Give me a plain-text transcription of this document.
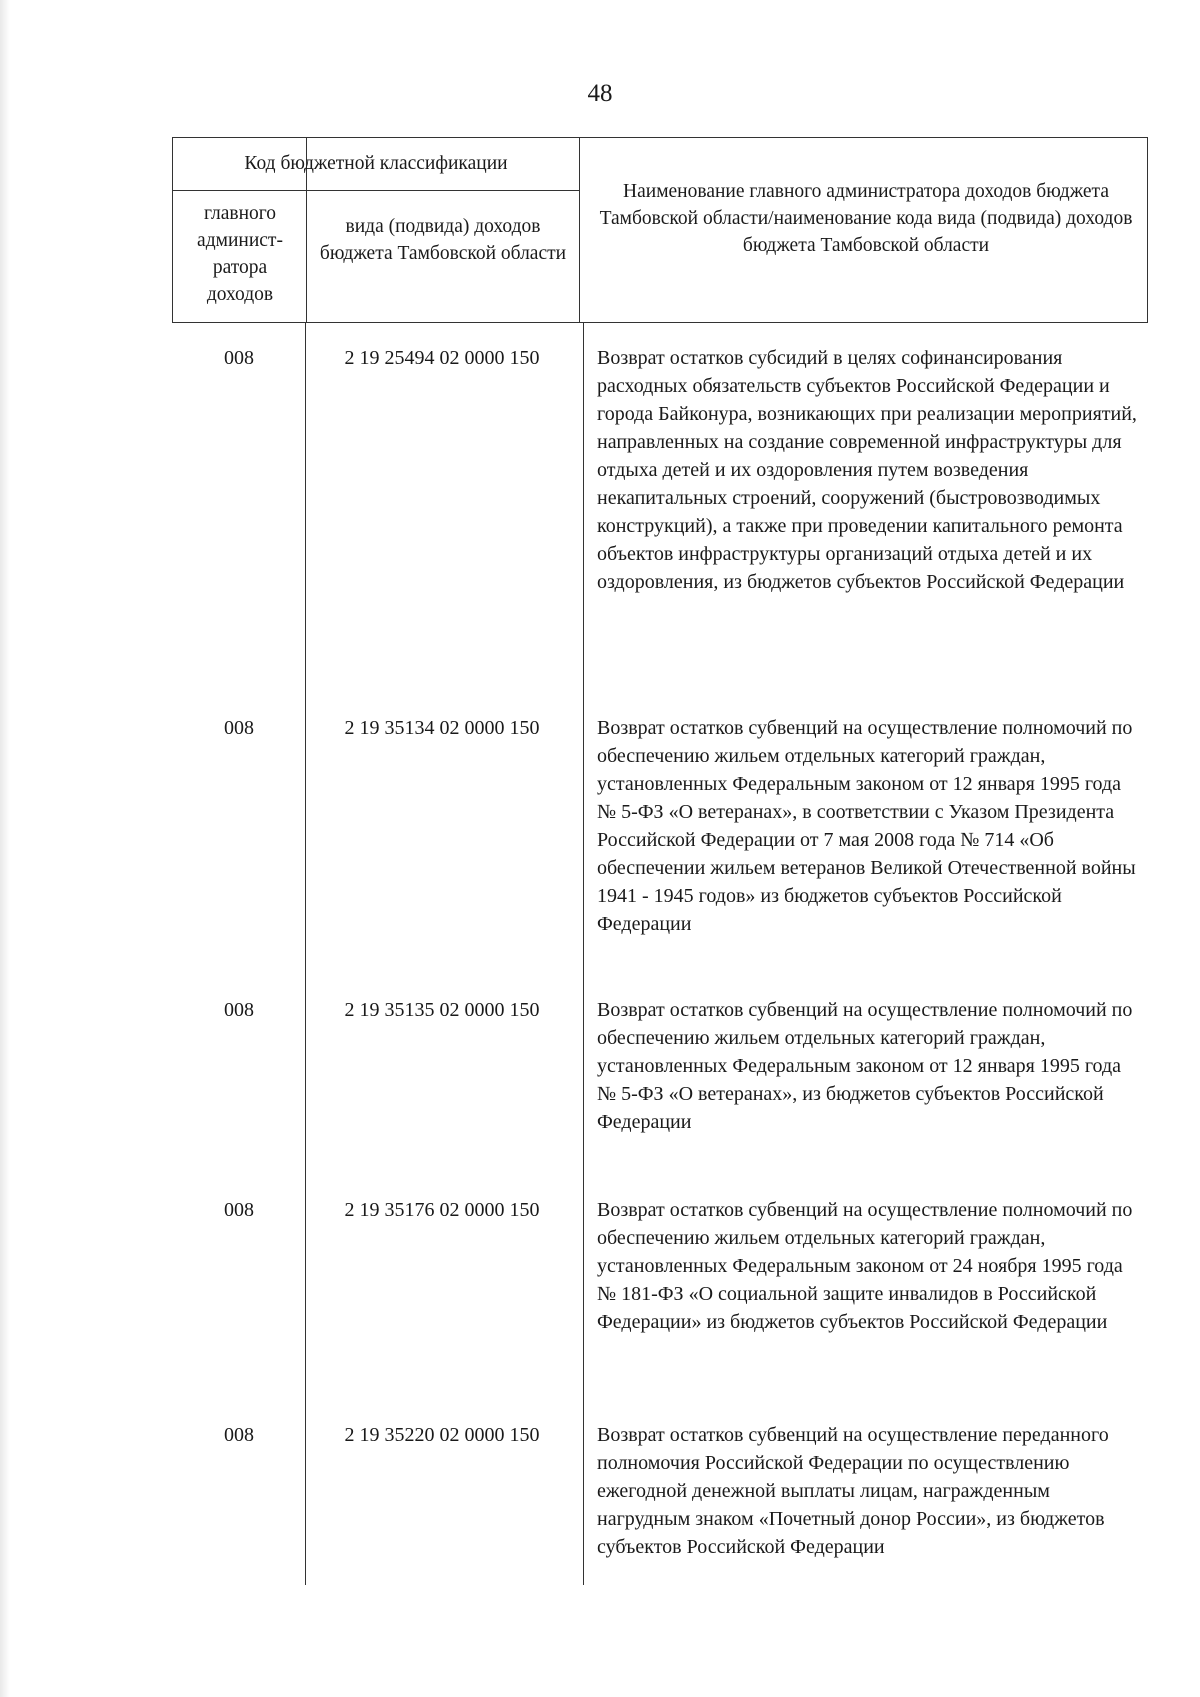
48
Код бюджетной классификации
главного админист-ратора доходов
вида (подвида) доходов бюджета Тамбовской области
Наименование главного администратора доходов бюджета Тамбовской области/наименование кода вида (подвида) доходов бюджета Тамбовской области
008	2 19 25494 02 0000 150	Возврат остатков субсидий в целях софинансирования расходных обязательств субъектов Российской Федерации и города Байконура, возникающих при реализации мероприятий, направленных на создание современной инфраструктуры для отдыха детей и их оздоровления путем возведения некапитальных строений, сооружений (быстровозводимых конструкций), а также при проведении капитального ремонта объектов инфраструктуры организаций отдыха детей и их оздоровления, из бюджетов субъектов Российской Федерации
008	2 19 35134 02 0000 150	Возврат остатков субвенций на осуществление полномочий по обеспечению жильем отдельных категорий граждан, установленных Федеральным законом от 12 января 1995 года № 5-ФЗ «О ветеранах», в соответствии с Указом Президента Российской Федерации от 7 мая 2008 года № 714 «Об обеспечении жильем ветеранов Великой Отечественной войны 1941 - 1945 годов» из бюджетов субъектов Российской Федерации
008	2 19 35135 02 0000 150	Возврат остатков субвенций на осуществление полномочий по обеспечению жильем отдельных категорий граждан, установленных Федеральным законом от 12 января 1995 года № 5-ФЗ «О ветеранах», из бюджетов субъектов Российской Федерации
008	2 19 35176 02 0000 150	Возврат остатков субвенций на осуществление полномочий по обеспечению жильем отдельных категорий граждан, установленных Федеральным законом от 24 ноября 1995 года № 181-ФЗ «О социальной защите инвалидов в Российской Федерации» из бюджетов субъектов Российской Федерации
008	2 19 35220 02 0000 150	Возврат остатков субвенций на осуществление переданного полномочия Российской Федерации по осуществлению ежегодной денежной выплаты лицам, награжденным нагрудным знаком «Почетный донор России», из бюджетов субъектов Российской Федерации
